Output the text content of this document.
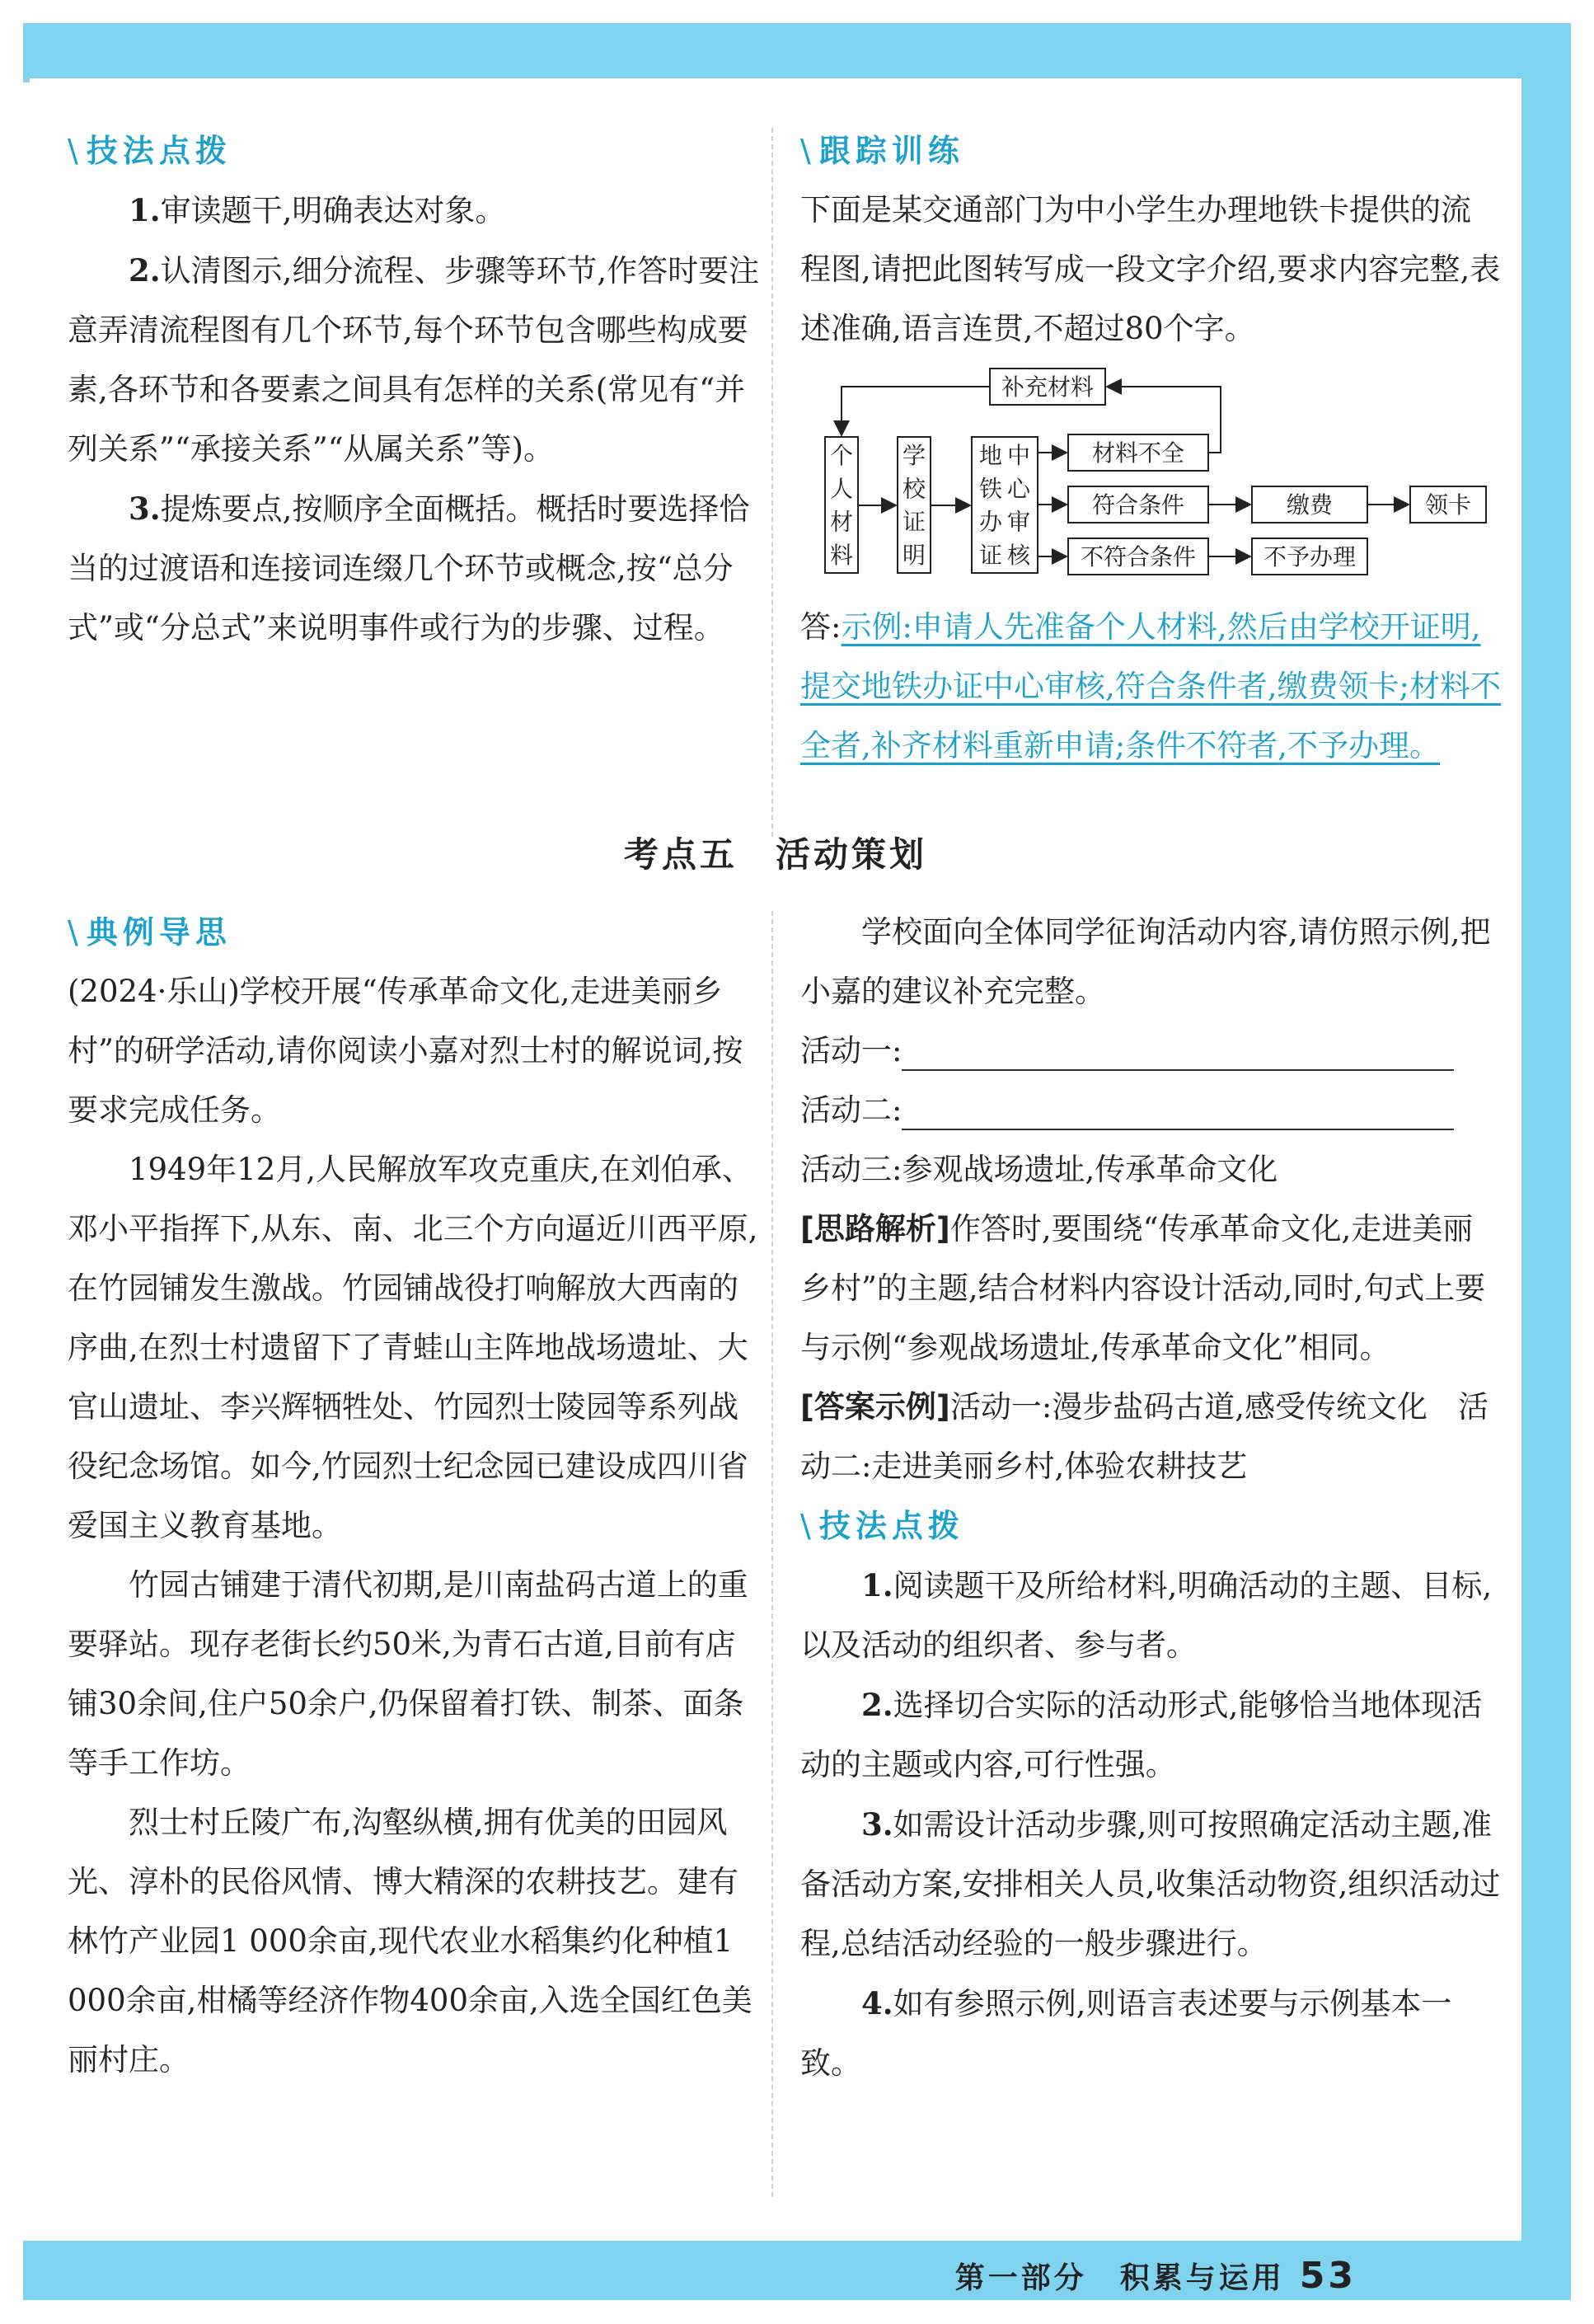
\ 技法点拨

1.审读题干,明确表达对象。

2.认清图示,细分流程、步骤等环节,作答时要注意弄清流程图有几个环节,每个环节包含哪些构成要素,各环节和各要素之间具有怎样的关系(常见有“并列关系”“承接关系”“从属关系”等)。

3.提炼要点,按顺序全面概括。概括时要选择恰当的过渡语和连接词连缀几个环节或概念,按“总分式”或“分总式”来说明事件或行为的步骤、过程。

\ 跟踪训练

下面是某交通部门为中小学生办理地铁卡提供的流程图,请把此图转写成一段文字介绍,要求内容完整,表述准确,语言连贯,不超过80个字。

补充材料
材料不全
符合条件	缴费	领卡
不符合条件	不予办理
个
人
材
料
学
校
证
明
地
铁
办
证
中
心
审
核

答:示例:申请人先准备个人材料,然后由学校开证明,提交地铁办证中心审核,符合条件者,缴费领卡;材料不全者,补齐材料重新申请;条件不符者,不予办理。

考点五　活动策划
\ 典例导思

(2024·乐山)学校开展“传承革命文化,走进美丽乡村”的研学活动,请你阅读小嘉对烈士村的解说词,按要求完成任务。

1949年12月,人民解放军攻克重庆,在刘伯承、邓小平指挥下,从东、南、北三个方向逼近川西平原,在竹园铺发生激战。竹园铺战役打响解放大西南的序曲,在烈士村遗留下了青蛙山主阵地战场遗址、大官山遗址、李兴辉牺牲处、竹园烈士陵园等系列战役纪念场馆。如今,竹园烈士纪念园已建设成四川省爱国主义教育基地。

竹园古铺建于清代初期,是川南盐码古道上的重要驿站。现存老街长约50米,为青石古道,目前有店铺30余间,住户50余户,仍保留着打铁、制茶、面条等手工作坊。

烈士村丘陵广布,沟壑纵横,拥有优美的田园风光、淳朴的民俗风情、博大精深的农耕技艺。建有林竹产业园1 000余亩,现代农业水稻集约化种植1 000余亩,柑橘等经济作物400余亩,入选全国红色美丽村庄。

学校面向全体同学征询活动内容,请仿照示例,把小嘉的建议补充完整。

活动一:

活动二:

活动三:参观战场遗址,传承革命文化

[思路解析]作答时,要围绕“传承革命文化,走进美丽乡村”的主题,结合材料内容设计活动,同时,句式上要与示例“参观战场遗址,传承革命文化”相同。

[答案示例]活动一:漫步盐码古道,感受传统文化　活动二:走进美丽乡村,体验农耕技艺

\ 技法点拨

1.阅读题干及所给材料,明确活动的主题、目标,以及活动的组织者、参与者。

2.选择切合实际的活动形式,能够恰当地体现活动的主题或内容,可行性强。

3.如需设计活动步骤,则可按照确定活动主题,准备活动方案,安排相关人员,收集活动物资,组织活动过程,总结活动经验的一般步骤进行。

4.如有参照示例,则语言表述要与示例基本一致。

第一部分　积累与运用 53
